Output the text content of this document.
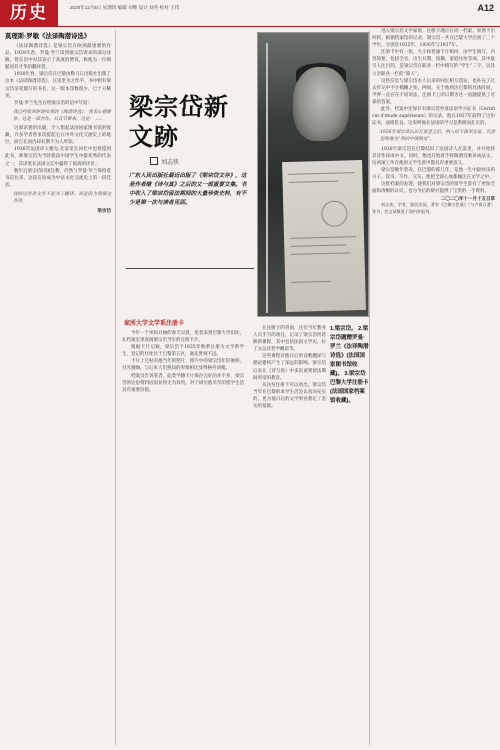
历史	2020年11月5日 星期四 编辑 刘继 设计 刘英 校对 王伟	A12
莫理斯·罗歇《法译陶潜诗选》

《法译陶潜诗选》是梁宗岱在欧洲最重要的作品，1929年春，罗曼·罗兰读到梁宗岱寄来的部分译稿，曾在信中对其表示了高度的赞赏，称他为一位细腻而有才华的翻译者。

1930年春，梁宗岱在巴黎由勒马日出版社出版了这本《法译陶潜诗选》，瓦雷里为之作序。书中附有梁宗岱亲笔题写的书名，这一版本印数很少，已十分稀见。

罗曼·罗兰先生在给梁宗岱的信中写道：

我已经收到你寄给我的《陶潜诗选》，我衷心感谢你，这是一部杰作。从音节看来，这是：……

这部译著的出版，令人想起法国国家图书馆的收藏，许多学者曾多次提起它在中外文化交流史上的地位，而它在国内却长期不为人所知。

1936年法国诗人雅克·瓦雷里在回忆中也曾提到此书，称梁宗岱为当时旅法中国学生中最优秀的代表之一，其译笔在法国文坛中赢得了很高的评价。

数年后梁宗岱回国任教，仍然与罗曼·罗兰保持着书信往来，这段友谊成为中法文化交流史上的一段佳话。

我的这些译文并不是为了翻译，而是因为我爱这些诗。

梁宗岱

梁宗岱新文跡
刘志侠
广东人民出版社最近出版了《梁宗岱文存》，这是作者继《诗与真》之后的又一部重要文集。书中收入了梁宗岱留法期间的大量珍贵史料，有不少是第一次与读者见面。
家所大学文学系注册卡

今年一个风和日丽的春天早晨，笔者来到巴黎大学旧址，在档案室里查阅梁宗岱当年的注册卡片。

根据卡片记载，梁宗岱于1925年秋季注册为文学系学生，登记的住址位于巴黎第五区，离先贤祠不远。

卡片上还贴有他当年的照片，照片中的梁宗岱年轻俊朗，目光炯炯，与后来人们熟知的形象相比显得格外清瘦。

档案员告诉笔者，此类学籍卡片保存完好的并不多，梁宗岱的这份资料因而显得尤为珍贵，对于研究他早年的留学生活具有重要价值。

在注册卡的背面，还有当年教务人员手写的备注，记录了梁宗岱所选修的课程，其中包括法国文学史、拉丁文以及哲学概论等。

这些课程对他日后的诗歌翻译与理论建构产生了深远的影响。梁宗岱后来在《诗与真》中多次谈到留法期间所受的教育。

从这份注册卡可以看出，梁宗岱当年在巴黎的求学生活是认真而充实的，也为他日后的文学事业奠定了坚实的基础。

1.梁宗岱。 2.梁宗岱题赠罗曼·罗兰《法译陶潜诗选》(法国国家图书馆收藏)。 3.梁宗岱巴黎大学注册卡(法国国家档案馆收藏)。

进入梁宗岱文学家谱，注册卡理应在同一档案，果然不出所料。根据档案馆的记录，梁宗岱一共在巴黎大学注册了三个学年，分别是1925年、1926年与1927年。

注册卡中有一张，大小和普通卡片相同，由学生填写，内容简要，包括全名、出生日期、国籍、家庭住址等项。其中最引人注目的，是梁宗岱在职业一栏中填写的“学生”二字，以及父亲职业一栏的“商人”。

这些信息与梁宗岱本人后来的回忆相互印证，也补充了过去传记中不少模糊之处。例如，关于他到达巴黎的具体时间，学界一直存在不同说法，注册卡上的日期为这一问题提供了可靠的答案。

此外，档案中还保存有梁宗岱申请法语学习证书（Certificat d'étude supérieure）的记录，他在1927年取得了这份证书，成绩优良。这说明他在法国的学习是系统而扎实的。

1926年梁宗岱认识瓦雷里之后，两人结下深厚友谊，瓦雷里称他为“我的中国朋友”。

1926年梁宗岱在巴黎结识了法国诗人瓦雷里，并开始将其诗作译成中文。同时，他也开始着手将陶潜诗歌译成法文，这两项工作在他的文学生涯中都具有重要意义。

梁宗岱晚年曾说，在巴黎的那几年，是他一生中最快乐的日子。读书、写作、交友，他把全部心血都倾注在文学之中。

这批档案的发现，使我们对梁宗岱的留学生涯有了更加全面和清晰的认识，也为今后的研究提供了宝贵的一手资料。

二〇二〇年十一月十五日草

刘志侠，学者，旅居法国，著有《巴黎五色笔》（与卢岚合著）等书；其文章散见于海内外报刊。
